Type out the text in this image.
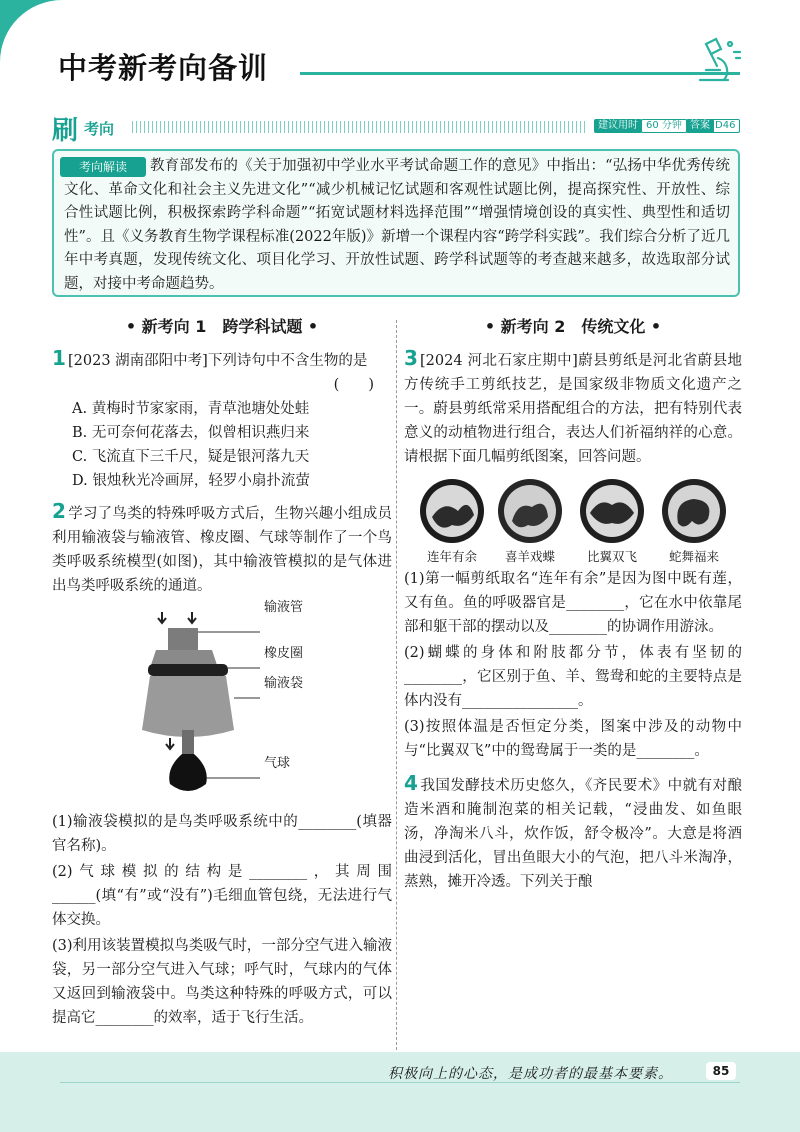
中考新考向备训
刷 考向	建议用时 60 分钟 答案 D46
考向解读	教育部发布的《关于加强初中学业水平考试命题工作的意见》中指出：“弘扬中华优秀传统文化、革命文化和社会主义先进文化”“减少机械记忆试题和客观性试题比例，提高探究性、开放性、综合性试题比例，积极探索跨学科命题”“拓宽试题材料选择范围”“增强情境创设的真实性、典型性和适切性”。且《义务教育生物学课程标准(2022年版)》新增一个课程内容“跨学科实践”。我们综合分析了近几年中考真题，发现传统文化、项目化学习、开放性试题、跨学科试题等的考查越来越多，故选取部分试题，对接中考命题趋势。
• 新考向 1　跨学科试题 •
1 [2023 湖南邵阳中考]下列诗句中不含生物的是
(　　)
A. 黄梅时节家家雨，青草池塘处处蛙
B. 无可奈何花落去，似曾相识燕归来
C. 飞流直下三千尺，疑是银河落九天
D. 银烛秋光冷画屏，轻罗小扇扑流萤
2 学习了鸟类的特殊呼吸方式后，生物兴趣小组成员利用输液袋与输液管、橡皮圈、气球等制作了一个鸟类呼吸系统模型(如图)，其中输液管模拟的是气体进出鸟类呼吸系统的通道。
输液管
橡皮圈
输液袋
气球
(1)输液袋模拟的是鸟类呼吸系统中的________(填器官名称)。
(2)气球模拟的结构是________，其周围______(填“有”或“没有”)毛细血管包绕，无法进行气体交换。
(3)利用该装置模拟鸟类吸气时，一部分空气进入输液袋，另一部分空气进入气球；呼气时，气球内的气体又返回到输液袋中。鸟类这种特殊的呼吸方式，可以提高它________的效率，适于飞行生活。
• 新考向 2　传统文化 •
3 [2024 河北石家庄期中]蔚县剪纸是河北省蔚县地方传统手工剪纸技艺，是国家级非物质文化遗产之一。蔚县剪纸常采用搭配组合的方法，把有特别代表意义的动植物进行组合，表达人们祈福纳祥的心意。请根据下面几幅剪纸图案，回答问题。
连年有余	喜羊戏蝶	比翼双飞	蛇舞福来
(1)第一幅剪纸取名“连年有余”是因为图中既有莲，又有鱼。鱼的呼吸器官是________，它在水中依靠尾部和躯干部的摆动以及________的协调作用游泳。
(2)蝴蝶的身体和附肢都分节，体表有坚韧的________，它区别于鱼、羊、鸳鸯和蛇的主要特点是体内没有________________。
(3)按照体温是否恒定分类，图案中涉及的动物中与“比翼双飞”中的鸳鸯属于一类的是________。
4 我国发酵技术历史悠久，《齐民要术》中就有对酿造米酒和腌制泡菜的相关记载，“浸曲发、如鱼眼汤，净淘米八斗，炊作饭，舒令极冷”。大意是将酒曲浸到活化，冒出鱼眼大小的气泡，把八斗米淘净，蒸熟，摊开冷透。下列关于酿
积极向上的心态，是成功者的最基本要素。	85
